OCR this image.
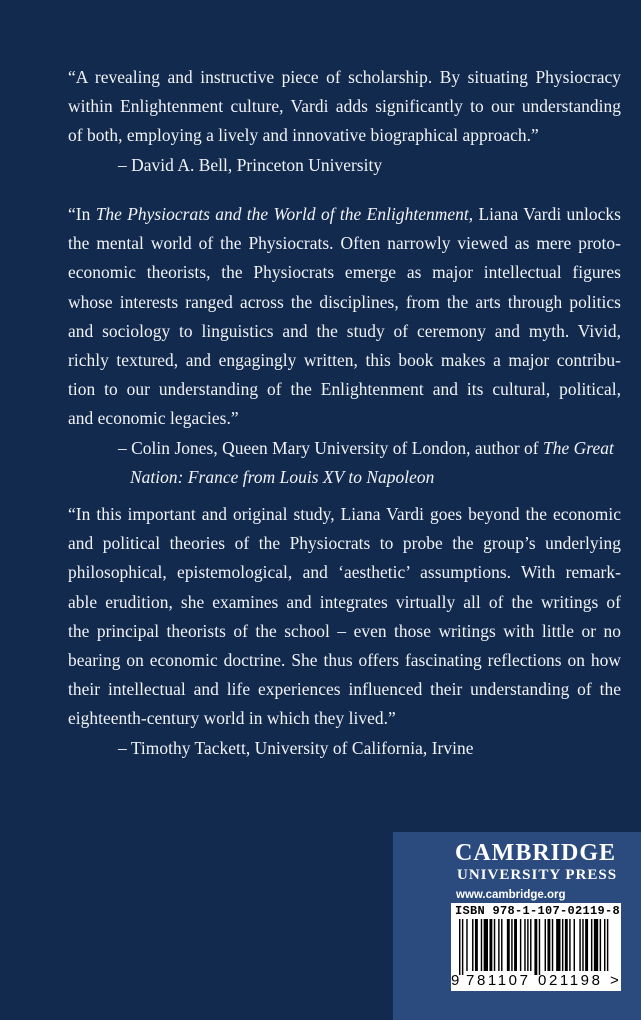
“A revealing and instructive piece of scholarship. By situating Physiocracy
within Enlightenment culture, Vardi adds significantly to our understanding
of both, employing a lively and innovative biographical approach.”
– David A. Bell, Princeton University
“In The Physiocrats and the World of the Enlightenment, Liana Vardi unlocks
the mental world of the Physiocrats. Often narrowly viewed as mere proto-
economic theorists, the Physiocrats emerge as major intellectual figures
whose interests ranged across the disciplines, from the arts through politics
and sociology to linguistics and the study of ceremony and myth. Vivid,
richly textured, and engagingly written, this book makes a major contribu-
tion to our understanding of the Enlightenment and its cultural, political,
and economic legacies.”
– Colin Jones, Queen Mary University of London, author of The Great
Nation: France from Louis XV to Napoleon
“In this important and original study, Liana Vardi goes beyond the economic
and political theories of the Physiocrats to probe the group’s underlying
philosophical, epistemological, and ‘aesthetic’ assumptions. With remark-
able erudition, she examines and integrates virtually all of the writings of
the principal theorists of the school – even those writings with little or no
bearing on economic doctrine. She thus offers fascinating reflections on how
their intellectual and life experiences influenced their understanding of the
eighteenth-century world in which they lived.”
– Timothy Tackett, University of California, Irvine
CAMBRIDGE
UNIVERSITY PRESS
www.cambridge.org
ISBN 978-1-107-02119-8
9 781107 021198 >
